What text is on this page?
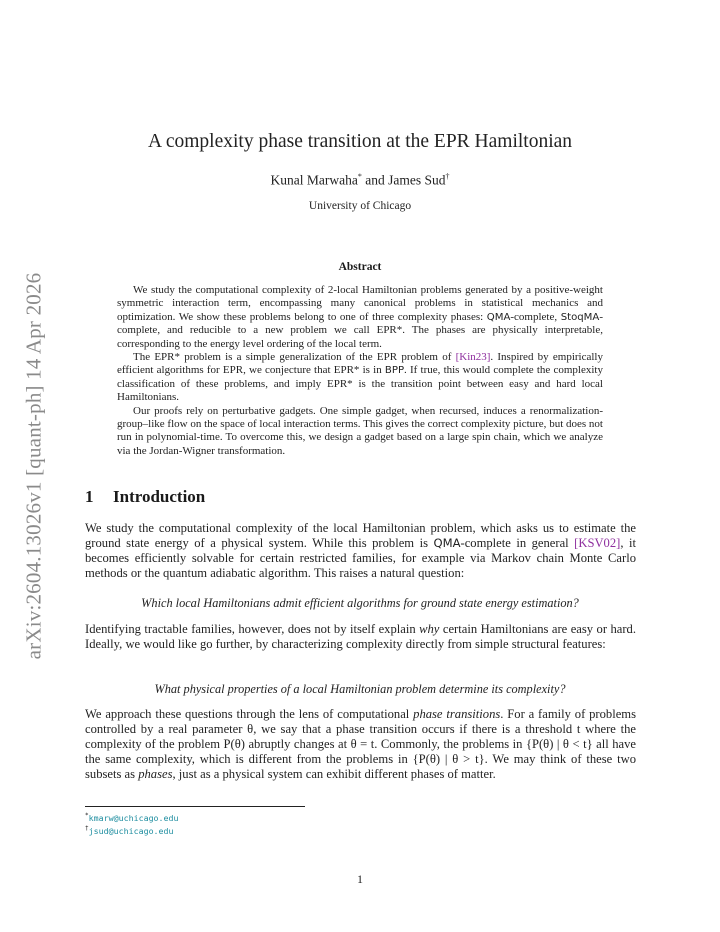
arXiv:2604.13026v1 [quant-ph] 14 Apr 2026
A complexity phase transition at the EPR Hamiltonian
Kunal Marwaha* and James Sud†
University of Chicago
Abstract

We study the computational complexity of 2-local Hamiltonian problems generated by a positive-weight symmetric interaction term, encompassing many canonical problems in statistical mechanics and optimization. We show these problems belong to one of three complexity phases: QMA-complete, StoqMA-complete, and reducible to a new problem we call EPR*. The phases are physically interpretable, corresponding to the energy level ordering of the local term.

The EPR* problem is a simple generalization of the EPR problem of [Kin23]. Inspired by empirically efficient algorithms for EPR, we conjecture that EPR* is in BPP. If true, this would complete the complexity classification of these problems, and imply EPR* is the transition point between easy and hard local Hamiltonians.

Our proofs rely on perturbative gadgets. One simple gadget, when recursed, induces a renormalization-group–like flow on the space of local interaction terms. This gives the correct complexity picture, but does not run in polynomial-time. To overcome this, we design a gadget based on a large spin chain, which we analyze via the Jordan-Wigner transformation.

1 Introduction

We study the computational complexity of the local Hamiltonian problem, which asks us to estimate the ground state energy of a physical system. While this problem is QMA-complete in general [KSV02], it becomes efficiently solvable for certain restricted families, for example via Markov chain Monte Carlo methods or the quantum adiabatic algorithm. This raises a natural question:

Which local Hamiltonians admit efficient algorithms for ground state energy estimation?

Identifying tractable families, however, does not by itself explain why certain Hamiltonians are easy or hard. Ideally, we would like go further, by characterizing complexity directly from simple structural features:

What physical properties of a local Hamiltonian problem determine its complexity?

We approach these questions through the lens of computational phase transitions. For a family of problems controlled by a real parameter θ, we say that a phase transition occurs if there is a threshold t where the complexity of the problem P(θ) abruptly changes at θ = t. Commonly, the problems in {P(θ) | θ < t} all have the same complexity, which is different from the problems in {P(θ) | θ > t}. We may think of these two subsets as phases, just as a physical system can exhibit different phases of matter.

*kmarw@uchicago.edu
†jsud@uchicago.edu
1
